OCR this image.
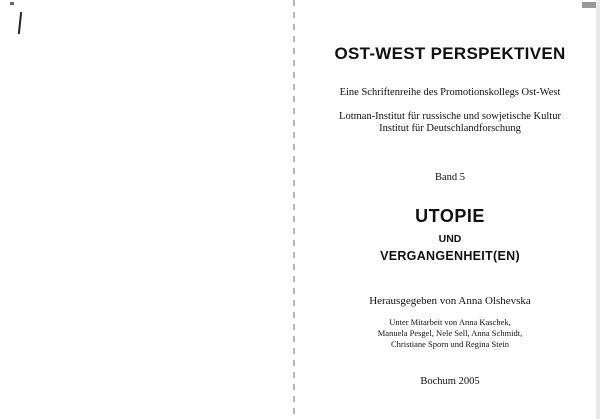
OST-WEST PERSPEKTIVEN
Eine Schriftenreihe des Promotionskollegs Ost-West
Lotman-Institut für russische und sowjetische Kultur
Institut für Deutschlandforschung
Band 5
UTOPIE
UND
VERGANGENHEIT(EN)
Herausgegeben von Anna Olshevska
Unter Mitarbeit von Anna Kaschek,
Manuela Pesgel, Nele Sell, Anna Schmidt,
Christiane Sporn und Regina Stein
Bochum 2005
